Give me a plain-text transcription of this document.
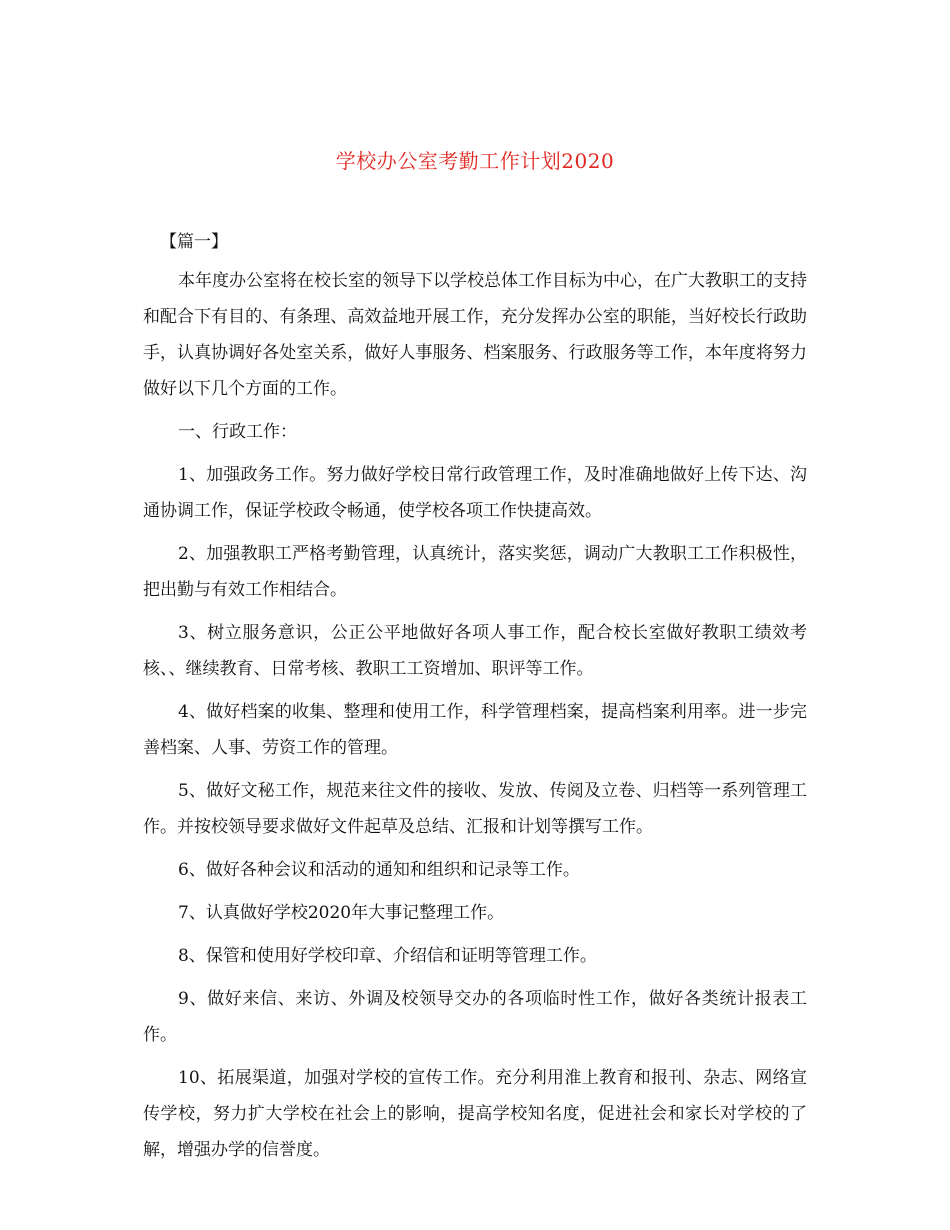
学校办公室考勤工作计划2020
【篇一】

本年度办公室将在校长室的领导下以学校总体工作目标为中心，在广大教职工的支持和配合下有目的、有条理、高效益地开展工作，充分发挥办公室的职能，当好校长行政助手，认真协调好各处室关系，做好人事服务、档案服务、行政服务等工作，本年度将努力做好以下几个方面的工作。

一、行政工作：

1、加强政务工作。努力做好学校日常行政管理工作，及时准确地做好上传下达、沟通协调工作，保证学校政令畅通，使学校各项工作快捷高效。

2、加强教职工严格考勤管理，认真统计，落实奖惩，调动广大教职工工作积极性，把出勤与有效工作相结合。

3、树立服务意识，公正公平地做好各项人事工作，配合校长室做好教职工绩效考核、、继续教育、日常考核、教职工工资增加、职评等工作。

4、做好档案的收集、整理和使用工作，科学管理档案，提高档案利用率。进一步完善档案、人事、劳资工作的管理。

5、做好文秘工作，规范来往文件的接收、发放、传阅及立卷、归档等一系列管理工作。并按校领导要求做好文件起草及总结、汇报和计划等撰写工作。

6、做好各种会议和活动的通知和组织和记录等工作。

7、认真做好学校2020年大事记整理工作。

8、保管和使用好学校印章、介绍信和证明等管理工作。

9、做好来信、来访、外调及校领导交办的各项临时性工作，做好各类统计报表工作。

10、拓展渠道，加强对学校的宣传工作。充分利用淮上教育和报刊、杂志、网络宣传学校，努力扩大学校在社会上的影响，提高学校知名度，促进社会和家长对学校的了解，增强办学的信誉度。
